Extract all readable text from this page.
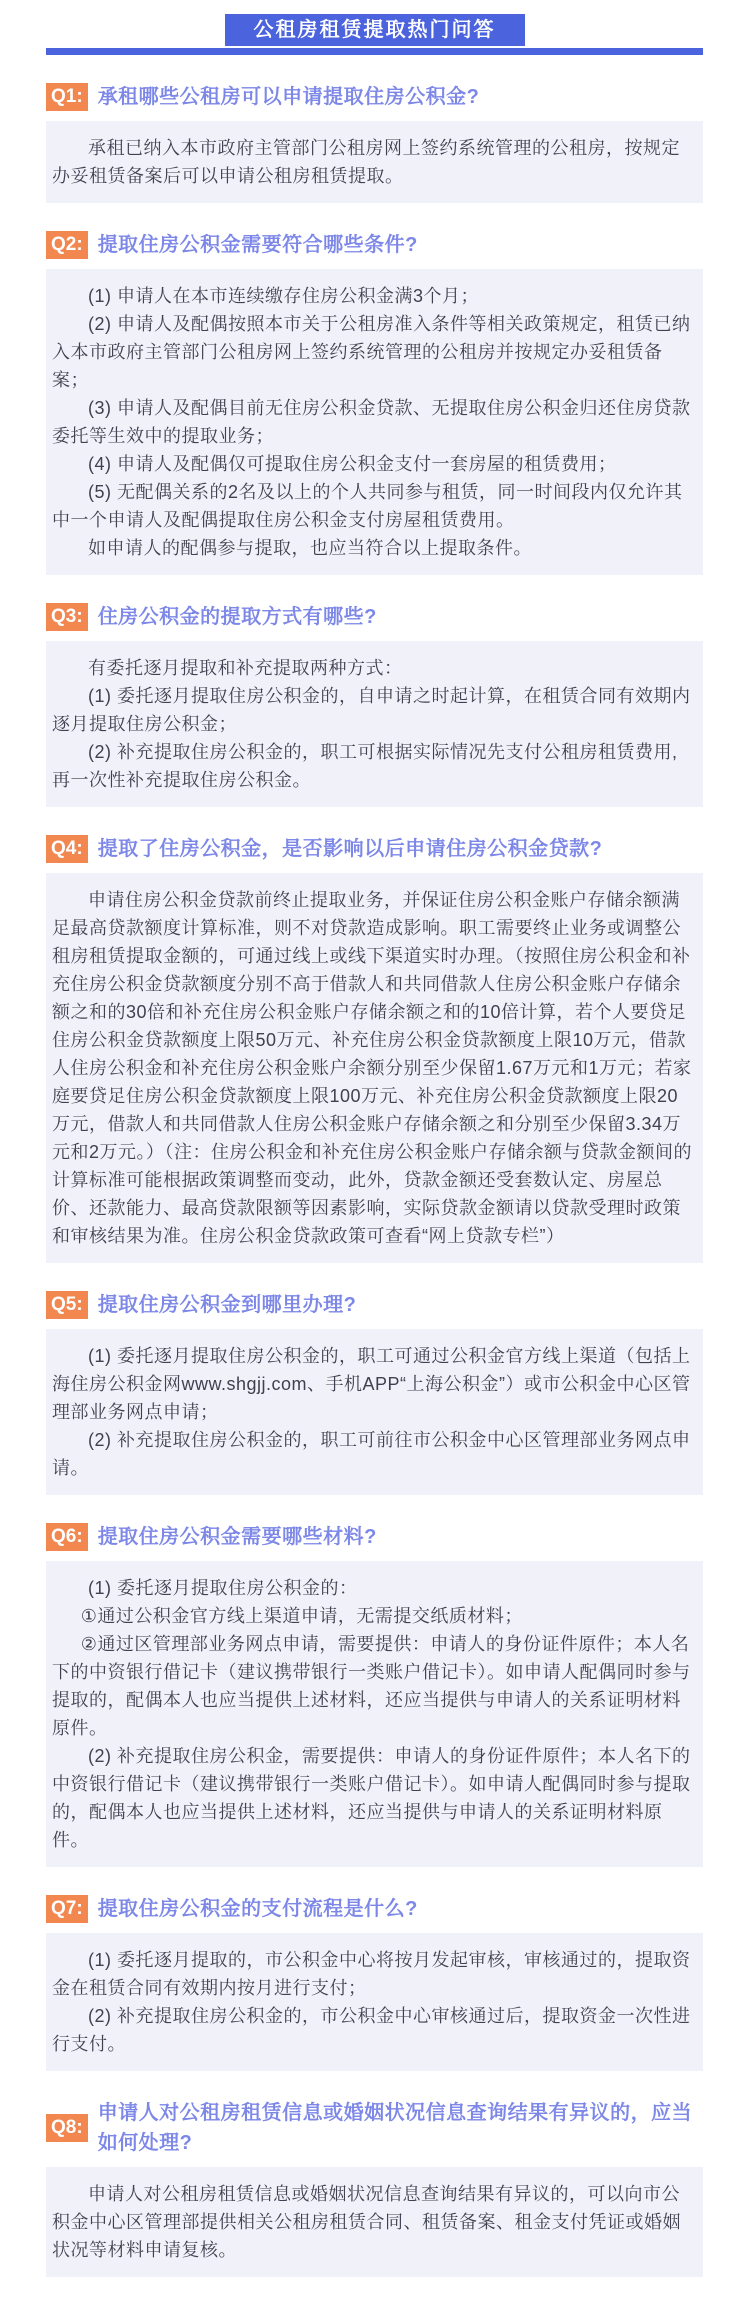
公租房租赁提取热门问答
Q1: 承租哪些公租房可以申请提取住房公积金?

承租已纳入本市政府主管部门公租房网上签约系统管理的公租房，按规定办妥租赁备案后可以申请公租房租赁提取。

Q2: 提取住房公积金需要符合哪些条件?

(1) 申请人在本市连续缴存住房公积金满3个月；

(2) 申请人及配偶按照本市关于公租房准入条件等相关政策规定，租赁已纳入本市政府主管部门公租房网上签约系统管理的公租房并按规定办妥租赁备案；

(3) 申请人及配偶目前无住房公积金贷款、无提取住房公积金归还住房贷款委托等生效中的提取业务；

(4) 申请人及配偶仅可提取住房公积金支付一套房屋的租赁费用；

(5) 无配偶关系的2名及以上的个人共同参与租赁，同一时间段内仅允许其中一个申请人及配偶提取住房公积金支付房屋租赁费用。

如申请人的配偶参与提取，也应当符合以上提取条件。

Q3: 住房公积金的提取方式有哪些?

有委托逐月提取和补充提取两种方式：

(1) 委托逐月提取住房公积金的，自申请之时起计算，在租赁合同有效期内逐月提取住房公积金；

(2) 补充提取住房公积金的，职工可根据实际情况先支付公租房租赁费用,再一次性补充提取住房公积金。

Q4: 提取了住房公积金，是否影响以后申请住房公积金贷款?

申请住房公积金贷款前终止提取业务，并保证住房公积金账户存储余额满足最高贷款额度计算标准，则不对贷款造成影响。职工需要终止业务或调整公租房租赁提取金额的，可通过线上或线下渠道实时办理。（按照住房公积金和补充住房公积金贷款额度分别不高于借款人和共同借款人住房公积金账户存储余额之和的30倍和补充住房公积金账户存储余额之和的10倍计算，若个人要贷足住房公积金贷款额度上限50万元、补充住房公积金贷款额度上限10万元，借款人住房公积金和补充住房公积金账户余额分别至少保留1.67万元和1万元；若家庭要贷足住房公积金贷款额度上限100万元、补充住房公积金贷款额度上限20万元，借款人和共同借款人住房公积金账户存储余额之和分别至少保留3.34万元和2万元。）（注：住房公积金和补充住房公积金账户存储余额与贷款金额间的计算标准可能根据政策调整而变动，此外，贷款金额还受套数认定、房屋总价、还款能力、最高贷款限额等因素影响，实际贷款金额请以贷款受理时政策和审核结果为准。住房公积金贷款政策可查看“网上贷款专栏”）

Q5: 提取住房公积金到哪里办理?

(1) 委托逐月提取住房公积金的，职工可通过公积金官方线上渠道（包括上海住房公积金网www.shgjj.com、手机APP“上海公积金”）或市公积金中心区管理部业务网点申请；

(2) 补充提取住房公积金的，职工可前往市公积金中心区管理部业务网点申请。

Q6: 提取住房公积金需要哪些材料?

(1) 委托逐月提取住房公积金的：

①通过公积金官方线上渠道申请，无需提交纸质材料；

②通过区管理部业务网点申请，需要提供：申请人的身份证件原件；本人名下的中资银行借记卡（建议携带银行一类账户借记卡）。如申请人配偶同时参与提取的，配偶本人也应当提供上述材料，还应当提供与申请人的关系证明材料原件。

(2) 补充提取住房公积金，需要提供：申请人的身份证件原件；本人名下的中资银行借记卡（建议携带银行一类账户借记卡）。如申请人配偶同时参与提取的，配偶本人也应当提供上述材料，还应当提供与申请人的关系证明材料原件。

Q7: 提取住房公积金的支付流程是什么?

(1) 委托逐月提取的，市公积金中心将按月发起审核，审核通过的，提取资金在租赁合同有效期内按月进行支付；

(2) 补充提取住房公积金的，市公积金中心审核通过后，提取资金一次性进行支付。

Q8:
申请人对公租房租赁信息或婚姻状况信息查询结果有异议的，应当如何处理?

申请人对公租房租赁信息或婚姻状况信息查询结果有异议的，可以向市公积金中心区管理部提供相关公租房租赁合同、租赁备案、租金支付凭证或婚姻状况等材料申请复核。
